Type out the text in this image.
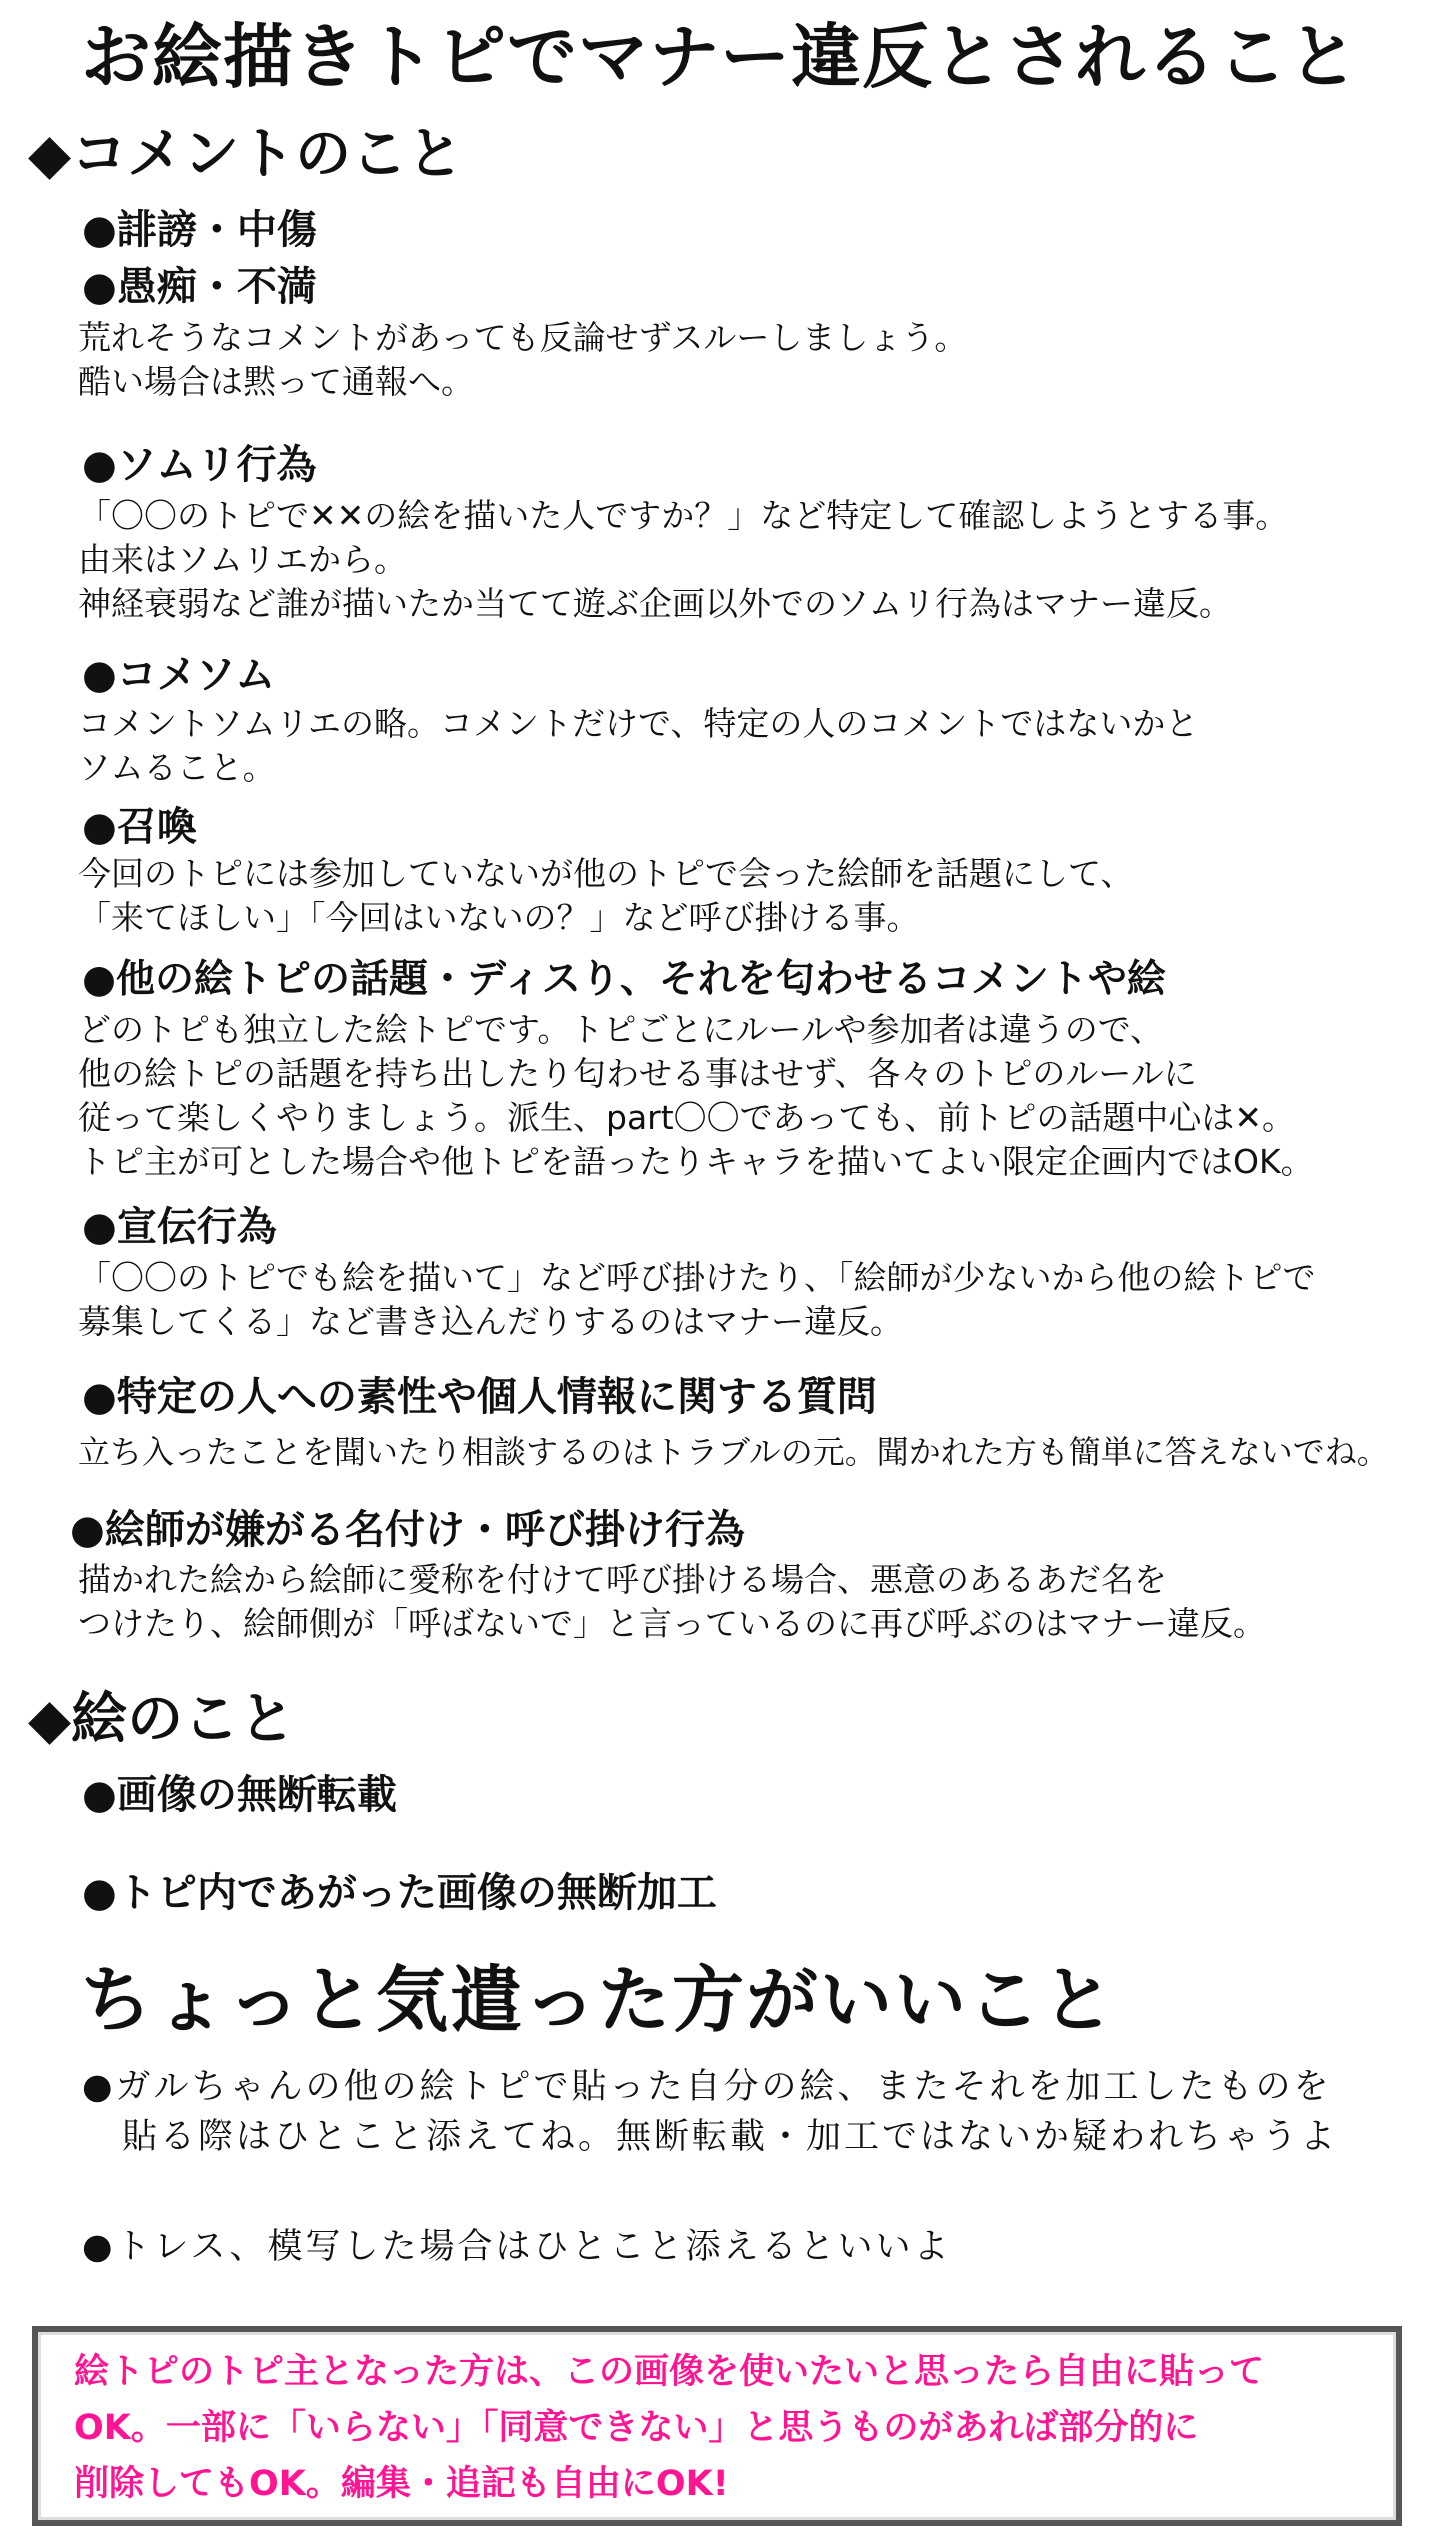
お絵描きトピでマナー違反とされること
◆コメントのこと
●誹謗・中傷
●愚痴・不満
荒れそうなコメントがあっても反論せずスルーしましょう。
酷い場合は黙って通報へ。
●ソムリ行為
「〇〇のトピで✕✕の絵を描いた人ですか？」など特定して確認しようとする事。
由来はソムリエから。
神経衰弱など誰が描いたか当てて遊ぶ企画以外でのソムリ行為はマナー違反。
●コメソム
コメントソムリエの略。コメントだけで、特定の人のコメントではないかと
ソムること。
●召喚
今回のトピには参加していないが他のトピで会った絵師を話題にして、
「来てほしい」「今回はいないの？」など呼び掛ける事。
●他の絵トピの話題・ディスり、それを匂わせるコメントや絵
どのトピも独立した絵トピです。トピごとにルールや参加者は違うので、
他の絵トピの話題を持ち出したり匂わせる事はせず、各々のトピのルールに
従って楽しくやりましょう。派生、part〇〇であっても、前トピの話題中心は✕。
トピ主が可とした場合や他トピを語ったりキャラを描いてよい限定企画内ではOK。
●宣伝行為
「〇〇のトピでも絵を描いて」など呼び掛けたり、「絵師が少ないから他の絵トピで
募集してくる」など書き込んだりするのはマナー違反。
●特定の人への素性や個人情報に関する質問
立ち入ったことを聞いたり相談するのはトラブルの元。聞かれた方も簡単に答えないでね。
●絵師が嫌がる名付け・呼び掛け行為
描かれた絵から絵師に愛称を付けて呼び掛ける場合、悪意のあるあだ名を
つけたり、絵師側が「呼ばないで」と言っているのに再び呼ぶのはマナー違反。
◆絵のこと
●画像の無断転載
●トピ内であがった画像の無断加工
ちょっと気遣った方がいいこと
●ガルちゃんの他の絵トピで貼った自分の絵、またそれを加工したものを
貼る際はひとこと添えてね。無断転載・加工ではないか疑われちゃうよ
●トレス、模写した場合はひとこと添えるといいよ
絵トピのトピ主となった方は、この画像を使いたいと思ったら自由に貼って
OK。一部に「いらない」「同意できない」と思うものがあれば部分的に
削除してもOK。編集・追記も自由にOK!
